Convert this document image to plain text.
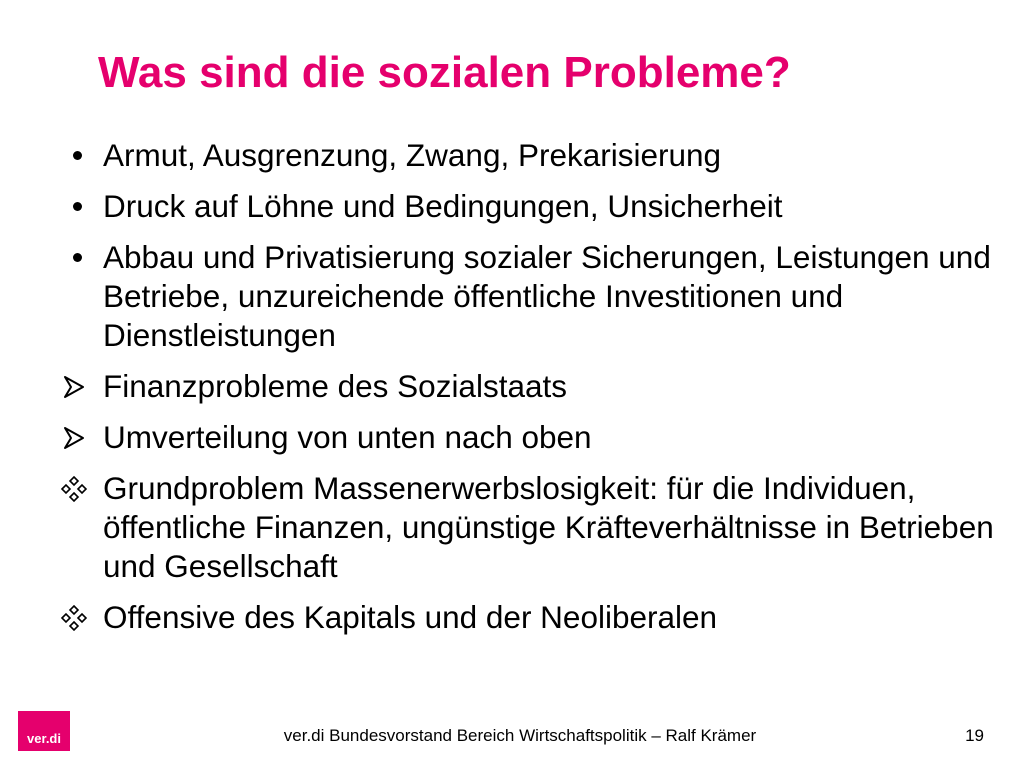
Was sind die sozialen Probleme?
Armut, Ausgrenzung, Zwang, Prekarisierung
Druck auf Löhne und Bedingungen, Unsicherheit
Abbau und Privatisierung sozialer Sicherungen, Leistungen und Betriebe, unzureichende öffentliche Investitionen und Dienstleistungen
Finanzprobleme des Sozialstaats
Umverteilung von unten nach oben
Grundproblem Massenerwerbslosigkeit: für die Individuen, öffentliche Finanzen, ungünstige Kräfteverhältnisse in Betrieben und Gesellschaft
Offensive des Kapitals und der Neoliberalen
ver.di	ver.di Bundesvorstand Bereich Wirtschaftspolitik – Ralf Krämer	19
